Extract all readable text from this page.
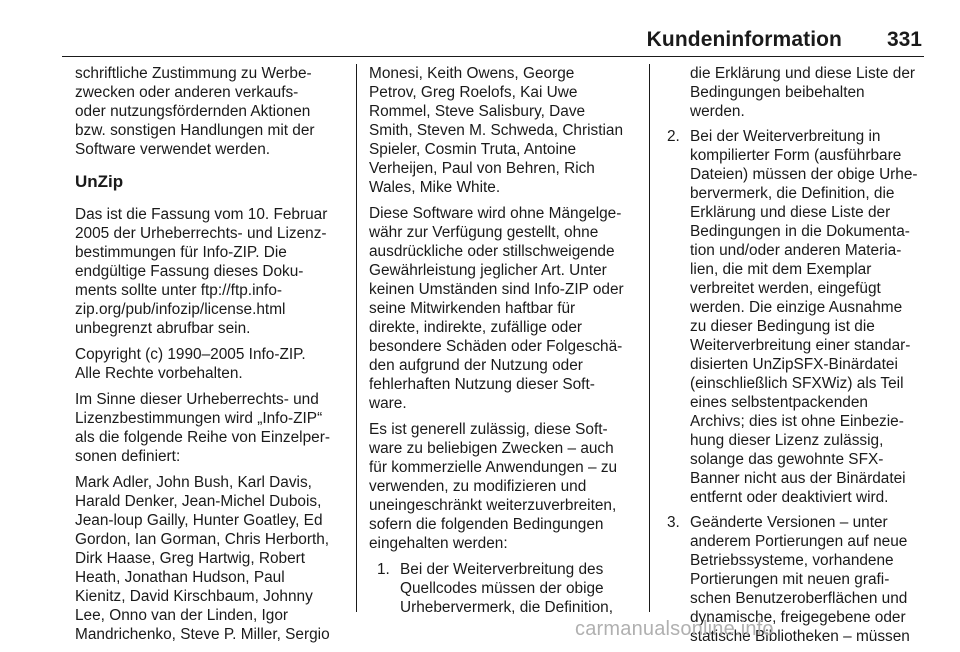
Kundeninformation 331
schriftliche Zustimmung zu Werbe-
zwecken oder anderen verkaufs-
oder nutzungsfördernden Aktionen
bzw. sonstigen Handlungen mit der
Software verwendet werden.
UnZip
Das ist die Fassung vom 10. Februar
2005 der Urheberrechts- und Lizenz-
bestimmungen für Info-ZIP. Die
endgültige Fassung dieses Doku-
ments sollte unter ftp://ftp.info-
zip.org/pub/infozip/license.html
unbegrenzt abrufbar sein.
Copyright (c) 1990–2005 Info-ZIP.
Alle Rechte vorbehalten.
Im Sinne dieser Urheberrechts- und
Lizenzbestimmungen wird „Info-ZIP“
als die folgende Reihe von Einzelper-
sonen definiert:
Mark Adler, John Bush, Karl Davis,
Harald Denker, Jean-Michel Dubois,
Jean-loup Gailly, Hunter Goatley, Ed
Gordon, Ian Gorman, Chris Herborth,
Dirk Haase, Greg Hartwig, Robert
Heath, Jonathan Hudson, Paul
Kienitz, David Kirschbaum, Johnny
Lee, Onno van der Linden, Igor
Mandrichenko, Steve P. Miller, Sergio
Monesi, Keith Owens, George
Petrov, Greg Roelofs, Kai Uwe
Rommel, Steve Salisbury, Dave
Smith, Steven M. Schweda, Christian
Spieler, Cosmin Truta, Antoine
Verheijen, Paul von Behren, Rich
Wales, Mike White.
Diese Software wird ohne Mängelge-
währ zur Verfügung gestellt, ohne
ausdrückliche oder stillschweigende
Gewährleistung jeglicher Art. Unter
keinen Umständen sind Info-ZIP oder
seine Mitwirkenden haftbar für
direkte, indirekte, zufällige oder
besondere Schäden oder Folgeschä-
den aufgrund der Nutzung oder
fehlerhaften Nutzung dieser Soft-
ware.
Es ist generell zulässig, diese Soft-
ware zu beliebigen Zwecken – auch
für kommerzielle Anwendungen – zu
verwenden, zu modifizieren und
uneingeschränkt weiterzuverbreiten,
sofern die folgenden Bedingungen
eingehalten werden:
1. Bei der Weiterverbreitung des
Quellcodes müssen der obige
Urhebervermerk, die Definition,
die Erklärung und diese Liste der
Bedingungen beibehalten
werden.
2. Bei der Weiterverbreitung in
kompilierter Form (ausführbare
Dateien) müssen der obige Urhe-
bervermerk, die Definition, die
Erklärung und diese Liste der
Bedingungen in die Dokumenta-
tion und/oder anderen Materia-
lien, die mit dem Exemplar
verbreitet werden, eingefügt
werden. Die einzige Ausnahme
zu dieser Bedingung ist die
Weiterverbreitung einer standar-
disierten UnZipSFX-Binärdatei
(einschließlich SFXWiz) als Teil
eines selbstentpackenden
Archivs; dies ist ohne Einbezie-
hung dieser Lizenz zulässig,
solange das gewohnte SFX-
Banner nicht aus der Binärdatei
entfernt oder deaktiviert wird.
3. Geänderte Versionen – unter
anderem Portierungen auf neue
Betriebssysteme, vorhandene
Portierungen mit neuen grafi-
schen Benutzeroberflächen und
dynamische, freigegebene oder
statische Bibliotheken – müssen
carmanualsonline.info
